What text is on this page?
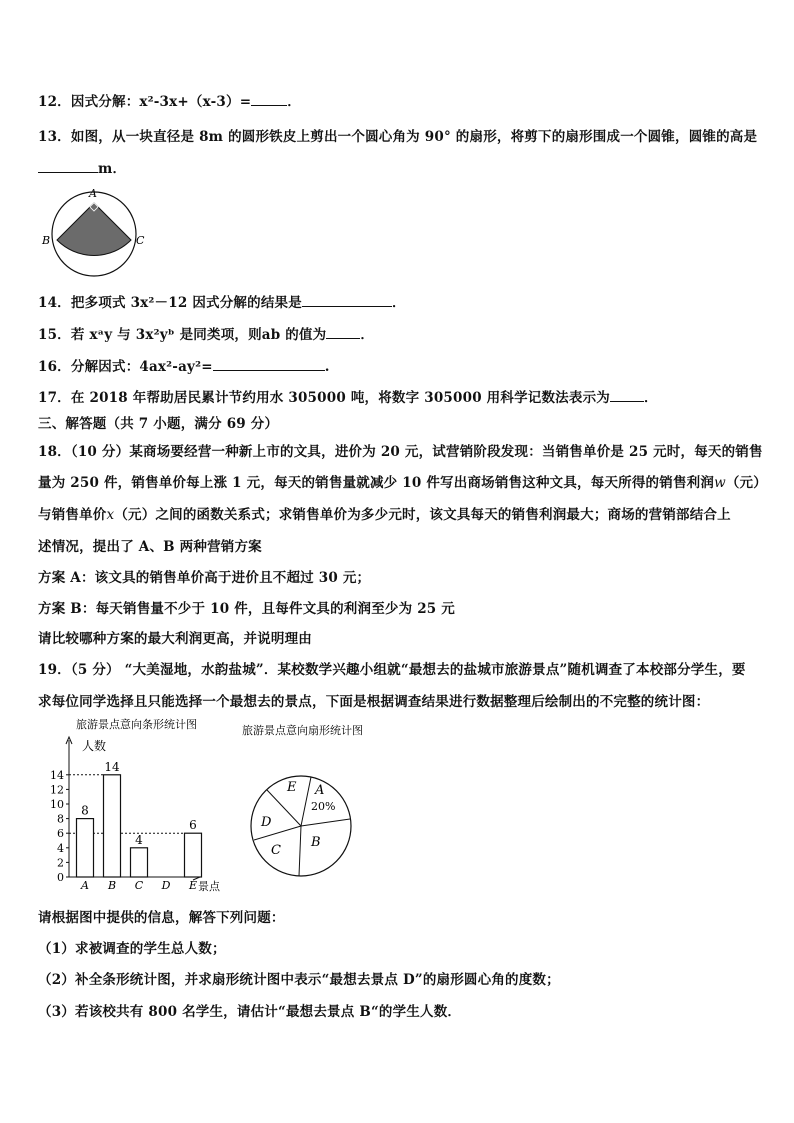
12．因式分解：x²-3x+（x-3）=	．
13．如图，从一块直径是 8m 的圆形铁皮上剪出一个圆心角为 90° 的扇形，将剪下的扇形围成一个圆锥，圆锥的高是
m．
A
B	C
14．把多项式 3x²－12 因式分解的结果是	．
15．若 xᵃy 与 3x²yᵇ 是同类项，则ab 的值为	．
16．分解因式：4ax²-ay²=	.
17．在 2018 年帮助居民累计节约用水 305000 吨，将数字 305000 用科学记数法表示为	．
三、解答题（共 7 小题，满分 69 分）
18．（10 分）某商场要经营一种新上市的文具，进价为 20 元，试营销阶段发现：当销售单价是 25 元时，每天的销售
量为 250 件，销售单价每上涨 1 元，每天的销售量就减少 10 件写出商场销售这种文具，每天所得的销售利润w（元）
与销售单价x（元）之间的函数关系式；求销售单价为多少元时，该文具每天的销售利润最大；商场的营销部结合上
述情况，提出了 A、B 两种营销方案
方案 A：该文具的销售单价高于进价且不超过 30 元；
方案 B：每天销售量不少于 10 件，且每件文具的利润至少为 25 元
请比较哪种方案的最大利润更高，并说明理由
19．（5 分） “大美湿地，水韵盐城”．某校数学兴趣小组就“最想去的盐城市旅游景点”随机调查了本校部分学生，要
求每位同学选择且只能选择一个最想去的景点，下面是根据调查结果进行数据整理后绘制出的不完整的统计图：
旅游景点意向条形统计图
人数
0
2
4
6
8
10
12
14
8
A
14
B
4
C D
6
E 景点
旅游景点意向扇形统计图
A
B
C
D
E
20%
请根据图中提供的信息，解答下列问题：
（1）求被调查的学生总人数；
（2）补全条形统计图，并求扇形统计图中表示“最想去景点 D”的扇形圆心角的度数；
（3）若该校共有 800 名学生，请估计“最想去景点 B“的学生人数．
